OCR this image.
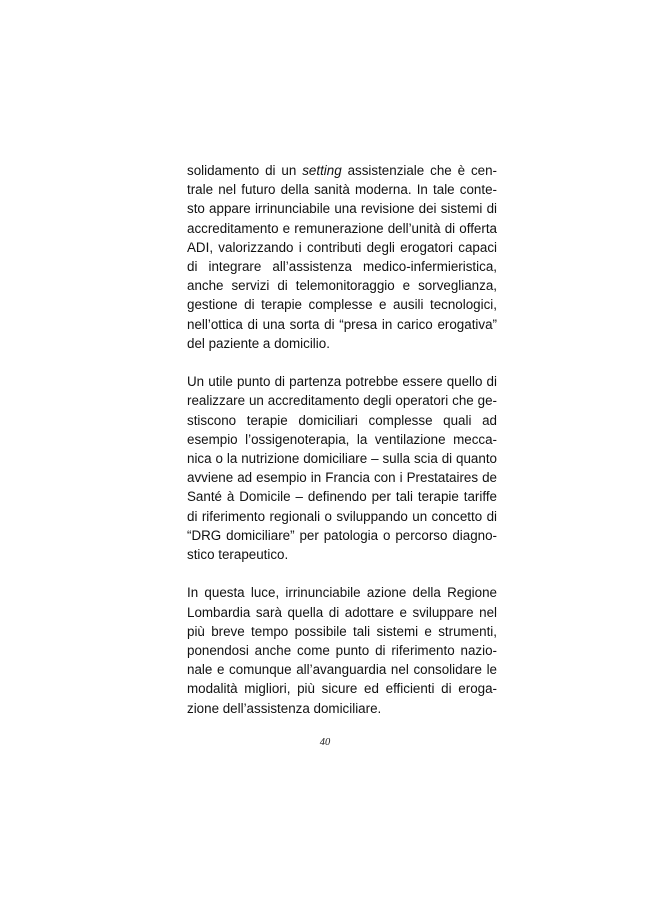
solidamento di un setting assistenziale che è cen-
trale nel futuro della sanità moderna. In tale conte-
sto appare irrinunciabile una revisione dei sistemi di
accreditamento e remunerazione dell’unità di offerta
ADI, valorizzando i contributi degli erogatori capaci
di integrare all’assistenza medico-infermieristica,
anche servizi di telemonitoraggio e sorveglianza,
gestione di terapie complesse e ausili tecnologici,
nell’ottica di una sorta di “presa in carico erogativa”
del paziente a domicilio.

Un utile punto di partenza potrebbe essere quello di
realizzare un accreditamento degli operatori che ge-
stiscono terapie domiciliari complesse quali ad
esempio l’ossigenoterapia, la ventilazione mecca-
nica o la nutrizione domiciliare – sulla scia di quanto
avviene ad esempio in Francia con i Prestataires de
Santé à Domicile – definendo per tali terapie tariffe
di riferimento regionali o sviluppando un concetto di
“DRG domiciliare” per patologia o percorso diagno-
stico terapeutico.

In questa luce, irrinunciabile azione della Regione
Lombardia sarà quella di adottare e sviluppare nel
più breve tempo possibile tali sistemi e strumenti,
ponendosi anche come punto di riferimento nazio-
nale e comunque all’avanguardia nel consolidare le
modalità migliori, più sicure ed efficienti di eroga-
zione dell’assistenza domiciliare.

40
